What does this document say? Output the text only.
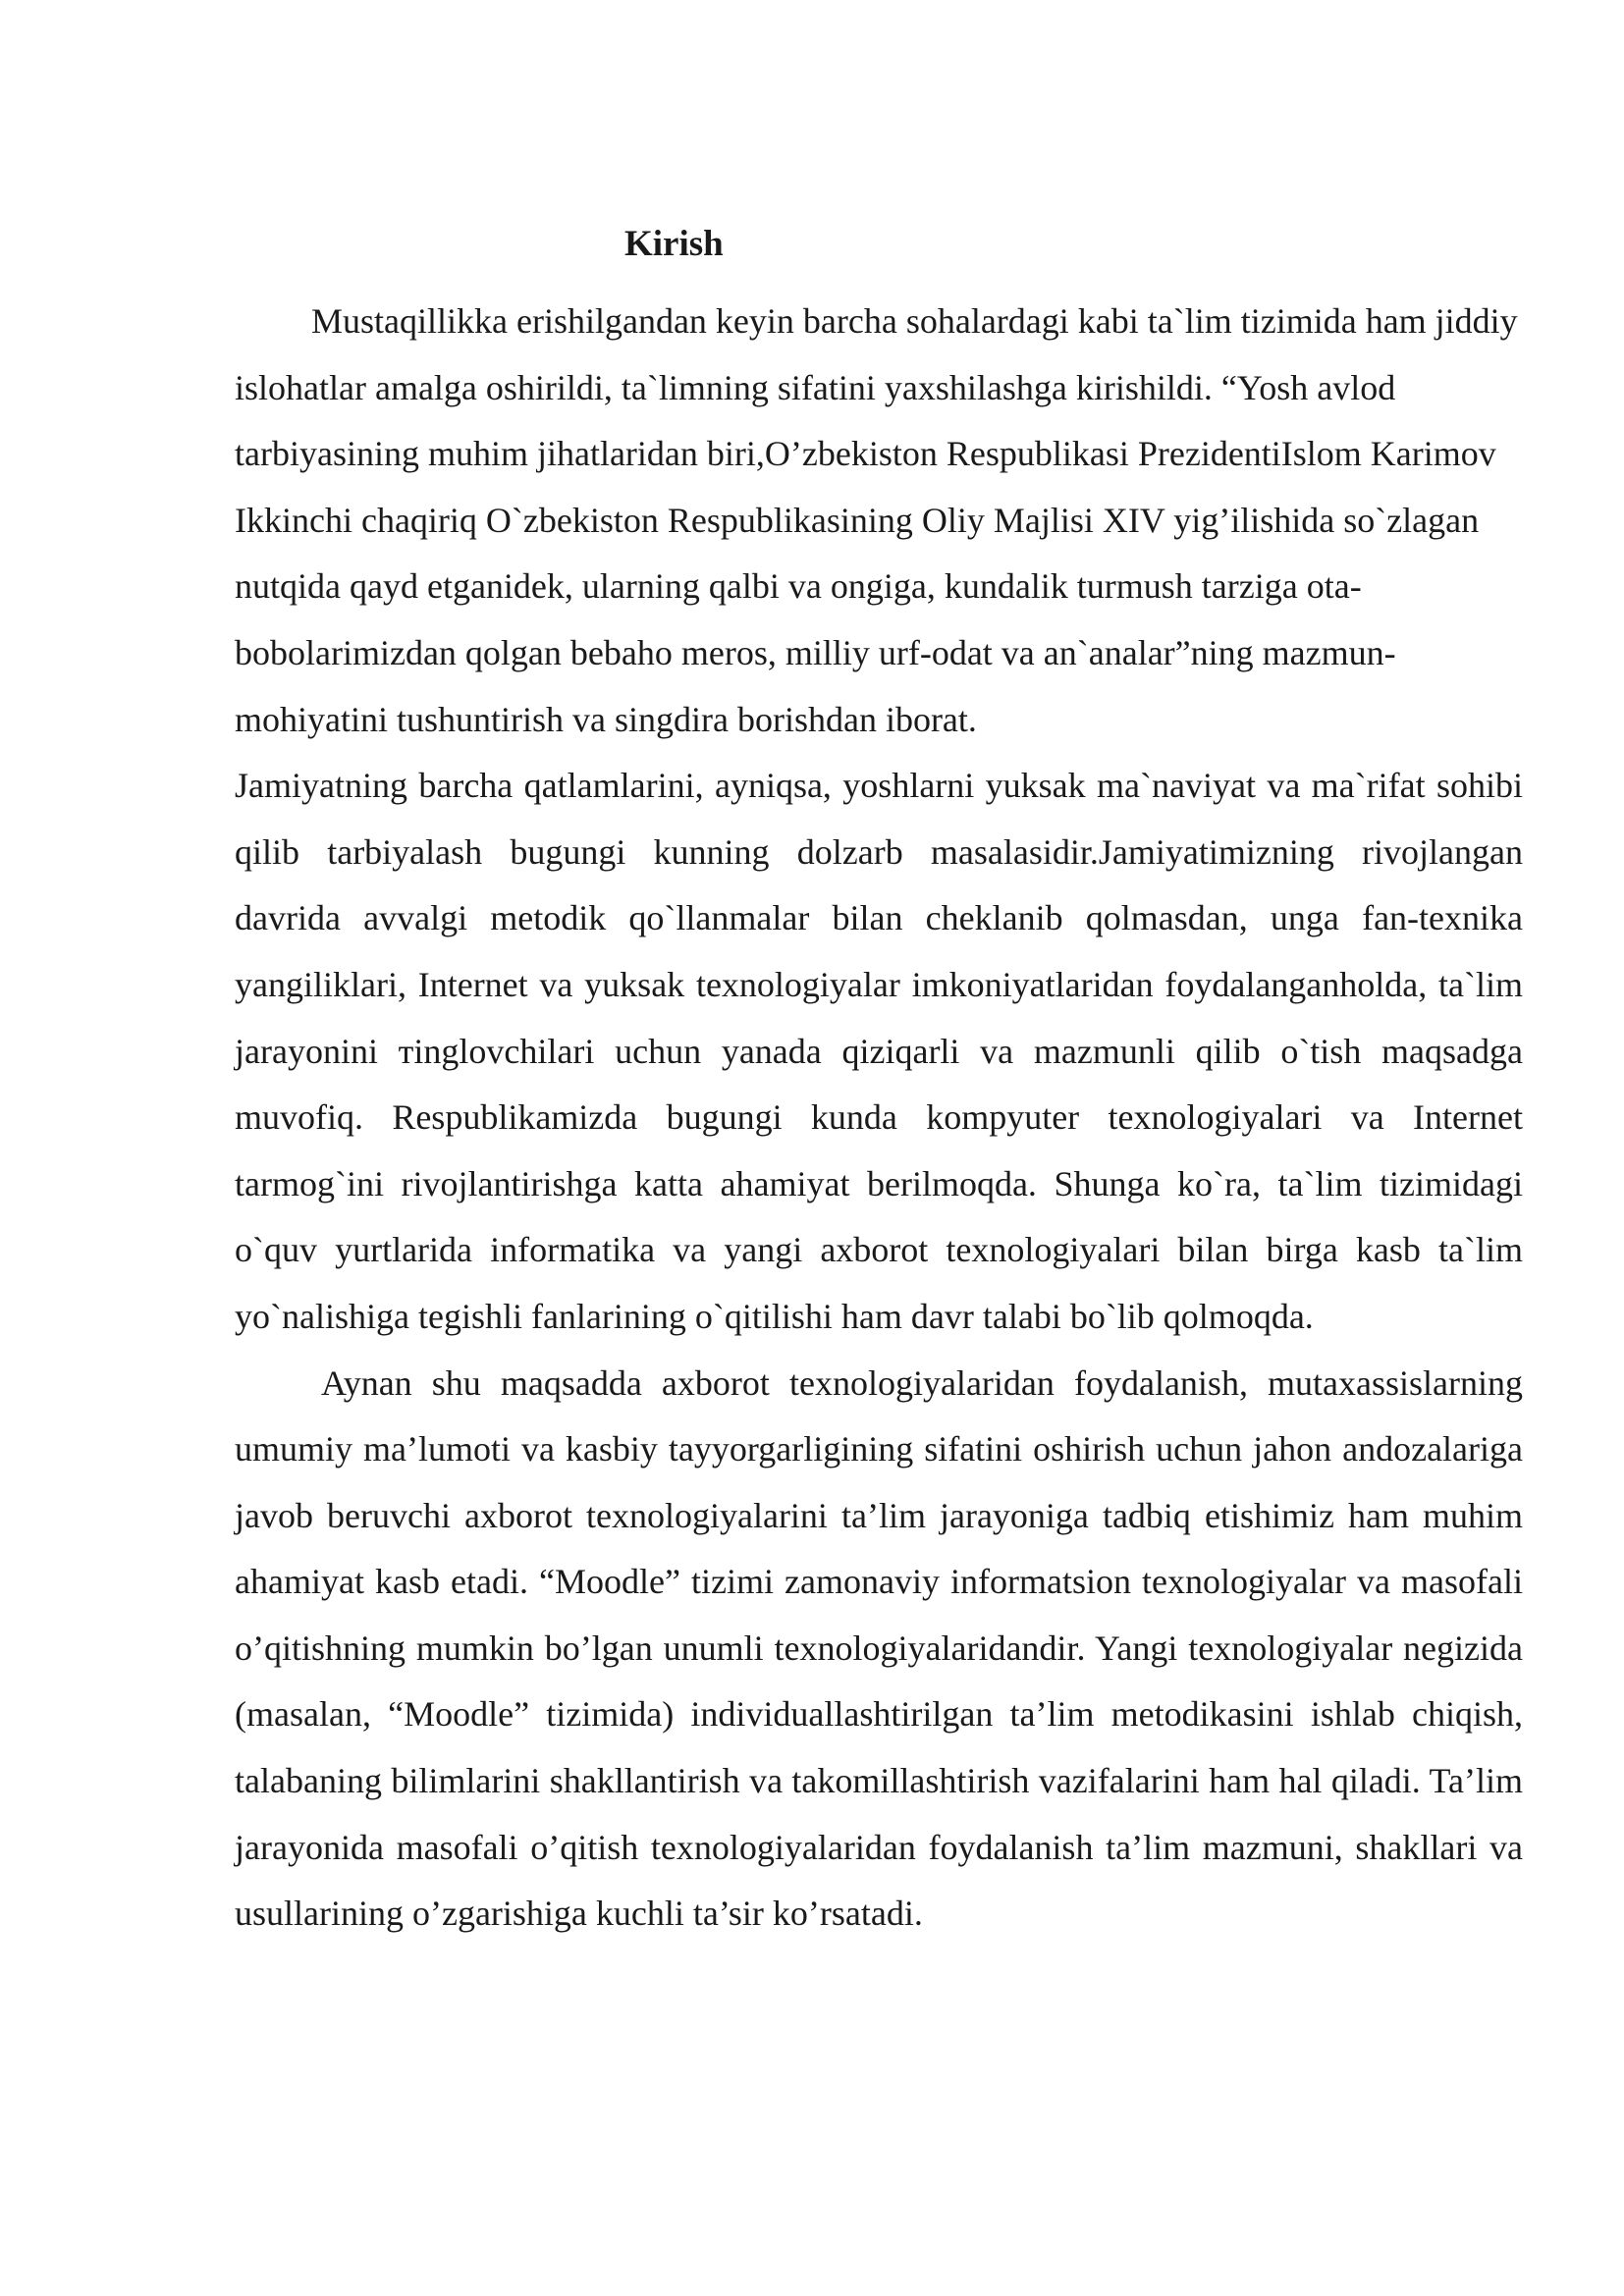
Kirish

Mustaqillikka erishilgandan keyin barcha sohalardagi kabi ta`lim tizimida ham jiddiy islohatlar amalga oshirildi, ta`limning sifatini yaxshilashga kirishildi. “Yosh avlod tarbiyasining muhim jihatlaridan biri,O’zbekiston Respublikasi PrezidentiIslom Karimov Ikkinchi chaqiriq O`zbekiston Respublikasining Oliy Majlisi XIV yig’ilishida so`zlagan nutqida qayd etganidek, ularning qalbi va ongiga, kundalik turmush tarziga ota-bobolarimizdan qolgan bebaho meros, milliy urf-odat va an`analar”ning mazmun-mohiyatini tushuntirish va singdira borishdan iborat.

Jamiyatning barcha qatlamlarini, ayniqsa, yoshlarni yuksak ma`naviyat va ma`rifat sohibi qilib tarbiyalash bugungi kunning dolzarb masalasidir.Jamiyatimizning rivojlangan davrida avvalgi metodik qo`llanmalar bilan cheklanib qolmasdan, unga fan-texnika yangiliklari, Internet va yuksak texnologiyalar imkoniyatlaridan foydalanganholda, ta`lim jarayonini тinglovchilari uchun yanada qiziqarli va mazmunli qilib o`tish maqsadga muvofiq. Respublikamizda bugungi kunda kompyuter texnologiyalari va Internet tarmog`ini rivojlantirishga katta ahamiyat berilmoqda. Shunga ko`ra, ta`lim tizimidagi o`quv yurtlarida informatika va yangi axborot texnologiyalari bilan birga kasb ta`lim yo`nalishiga tegishli fanlarining o`qitilishi ham davr talabi bo`lib qolmoqda.

Aynan shu maqsadda axborot texnologiyalaridan foydalanish, mutaxassislarning umumiy ma’lumoti va kasbiy tayyorgarligining sifatini oshirish uchun jahon andozalariga javob beruvchi axborot texnologiyalarini ta’lim jarayoniga tadbiq etishimiz ham muhim ahamiyat kasb etadi. “Moodle” tizimi zamonaviy informatsion texnologiyalar va masofali o’qitishning mumkin bo’lgan unumli texnologiyalaridandir. Yangi texnologiyalar negizida (masalan, “Moodle” tizimida) individuallashtirilgan ta’lim metodikasini ishlab chiqish, talabaning bilimlarini shakllantirish va takomillashtirish vazifalarini ham hal qiladi. Ta’lim jarayonida masofali o’qitish texnologiyalaridan foydalanish ta’lim mazmuni, shakllari va usullarining o’zgarishiga kuchli ta’sir ko’rsatadi.
